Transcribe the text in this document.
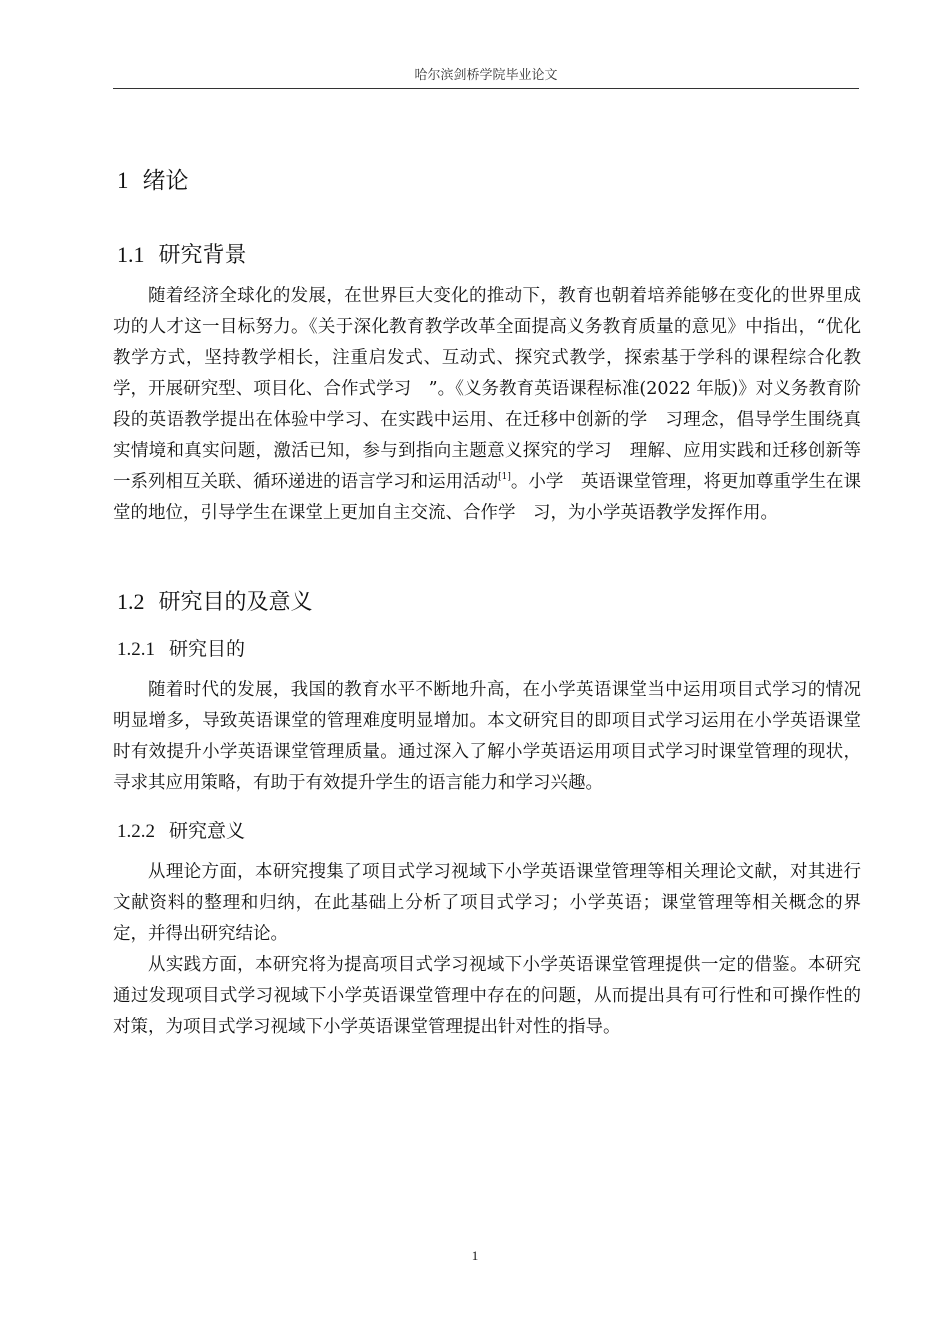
哈尔滨剑桥学院毕业论文
1 绪论
1.1 研究背景

随着经济全球化的发展，在世界巨大变化的推动下，教育也朝着培养能够在变化的世界里成功的人才这一目标努力。《关于深化教育教学改革全面提高义务教育质量的意见》中指出，“优化教学方式，坚持教学相长，注重启发式、互动式、探究式教学，探索基于学科的课程综合化教学，开展研究型、项目化、合作式学习　”。《义务教育英语课程标准(2022 年版)》对义务教育阶段的英语教学提出在体验中学习、在实践中运用、在迁移中创新的学　习理念，倡导学生围绕真实情境和真实问题，激活已知，参与到指向主题意义探究的学习　理解、应用实践和迁移创新等一系列相互关联、循环递进的语言学习和运用活动[1]。小学　英语课堂管理，将更加尊重学生在课堂的地位，引导学生在课堂上更加自主交流、合作学　习，为小学英语教学发挥作用。

1.2 研究目的及意义
1.2.1 研究目的

随着时代的发展，我国的教育水平不断地升高，在小学英语课堂当中运用项目式学习的情况明显增多，导致英语课堂的管理难度明显增加。本文研究目的即项目式学习运用在小学英语课堂时有效提升小学英语课堂管理质量。通过深入了解小学英语运用项目式学习时课堂管理的现状，寻求其应用策略，有助于有效提升学生的语言能力和学习兴趣。

1.2.2 研究意义

从理论方面，本研究搜集了项目式学习视域下小学英语课堂管理等相关理论文献，对其进行文献资料的整理和归纳，在此基础上分析了项目式学习；小学英语；课堂管理等相关概念的界定，并得出研究结论。

从实践方面，本研究将为提高项目式学习视域下小学英语课堂管理提供一定的借鉴。本研究通过发现项目式学习视域下小学英语课堂管理中存在的问题，从而提出具有可行性和可操作性的对策，为项目式学习视域下小学英语课堂管理提出针对性的指导。

1
